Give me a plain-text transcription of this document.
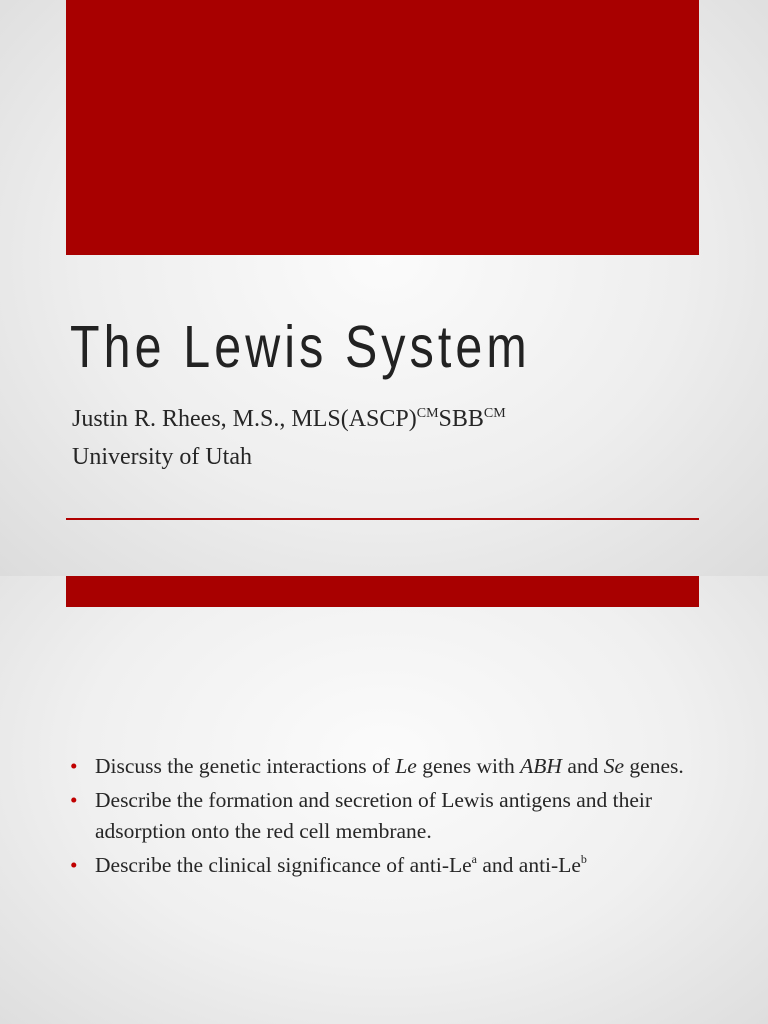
The Lewis System
Justin R. Rhees, M.S., $MLS(ASCP)^{CM}SBB^{CM}$
University of Utah
• Discuss the genetic interactions of Le genes with ABH and Se genes.
• Describe the formation and secretion of Lewis antigens and their adsorption onto the red cell membrane.
• Describe the clinical significance of anti-Le$^a$ and anti-Le$^b$
